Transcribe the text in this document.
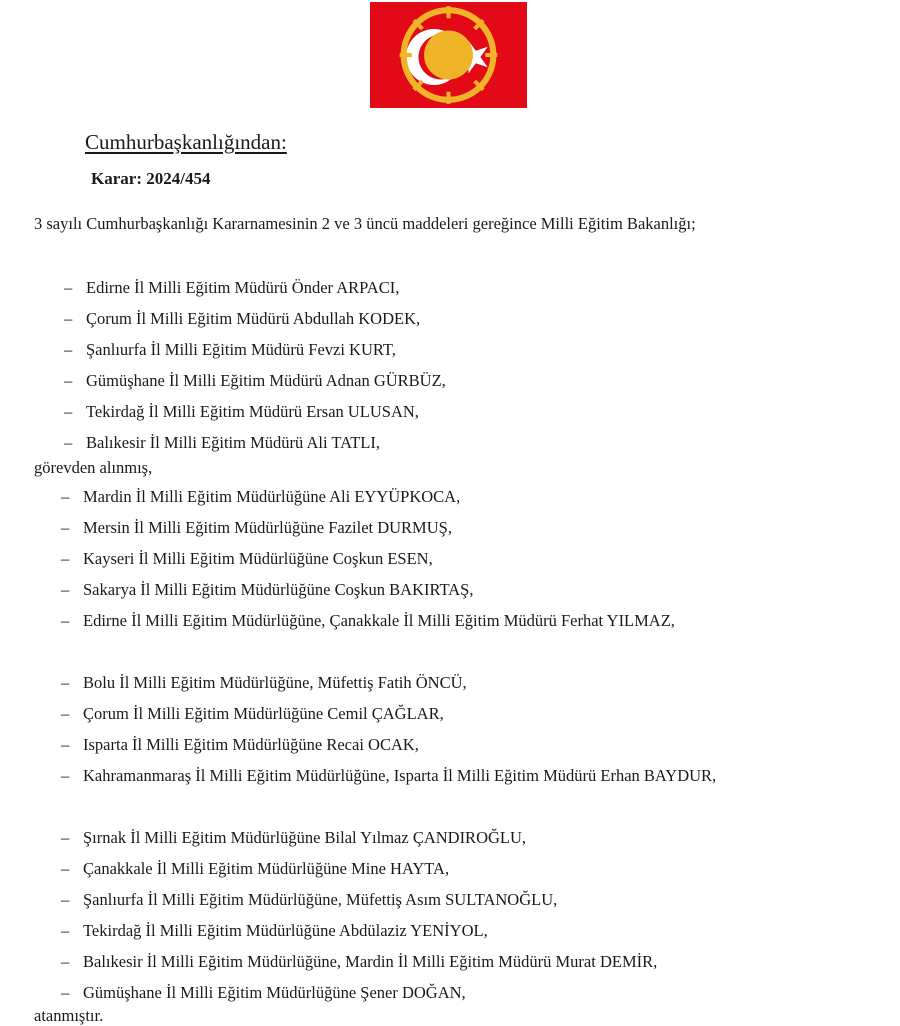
Cumhurbaşkanlığından:

Karar: 2024/454

3 sayılı Cumhurbaşkanlığı Kararnamesinin 2 ve 3 üncü maddeleri gereğince Milli Eğitim Bakanlığı;

– Edirne İl Milli Eğitim Müdürü Önder ARPACI,
– Çorum İl Milli Eğitim Müdürü Abdullah KODEK,
– Şanlıurfa İl Milli Eğitim Müdürü Fevzi KURT,
– Gümüşhane İl Milli Eğitim Müdürü Adnan GÜRBÜZ,
– Tekirdağ İl Milli Eğitim Müdürü Ersan ULUSAN,
– Balıkesir İl Milli Eğitim Müdürü Ali TATLI,

görevden alınmış,

– Mardin İl Milli Eğitim Müdürlüğüne Ali EYYÜPKOCA,
– Mersin İl Milli Eğitim Müdürlüğüne Fazilet DURMUŞ,
– Kayseri İl Milli Eğitim Müdürlüğüne Coşkun ESEN,
– Sakarya İl Milli Eğitim Müdürlüğüne Coşkun BAKIRTAŞ,
– Edirne İl Milli Eğitim Müdürlüğüne, Çanakkale İl Milli Eğitim Müdürü Ferhat YILMAZ,
– Bolu İl Milli Eğitim Müdürlüğüne, Müfettiş Fatih ÖNCÜ,
– Çorum İl Milli Eğitim Müdürlüğüne Cemil ÇAĞLAR,
– Isparta İl Milli Eğitim Müdürlüğüne Recai OCAK,
– Kahramanmaraş İl Milli Eğitim Müdürlüğüne, Isparta İl Milli Eğitim Müdürü Erhan BAYDUR,
– Şırnak İl Milli Eğitim Müdürlüğüne Bilal Yılmaz ÇANDIROĞLU,
– Çanakkale İl Milli Eğitim Müdürlüğüne Mine HAYTA,
– Şanlıurfa İl Milli Eğitim Müdürlüğüne, Müfettiş Asım SULTANOĞLU,
– Tekirdağ İl Milli Eğitim Müdürlüğüne Abdülaziz YENİYOL,
– Balıkesir İl Milli Eğitim Müdürlüğüne, Mardin İl Milli Eğitim Müdürü Murat DEMİR,
– Gümüşhane İl Milli Eğitim Müdürlüğüne Şener DOĞAN,

atanmıştır.
